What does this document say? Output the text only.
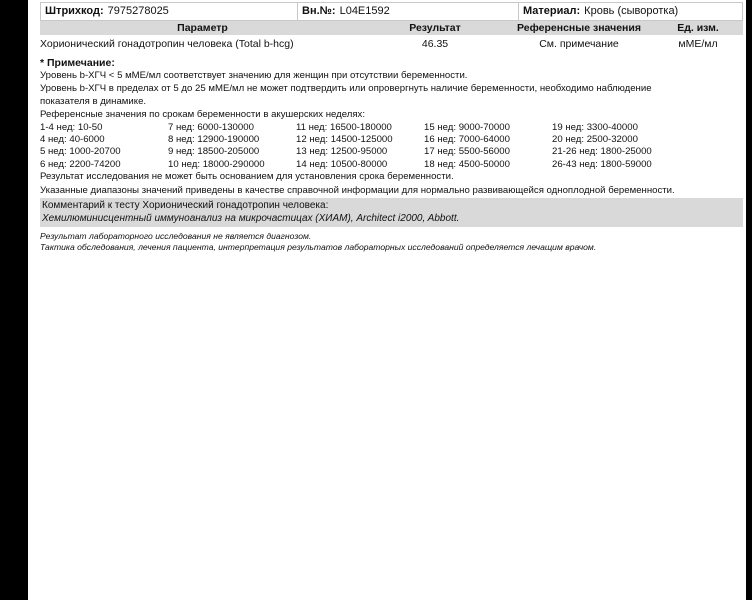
Штрихкод: 7975278025	Вн.№: L04E1592	Материал: Кровь (сыворотка)
Параметр	Результат	Референсные значения	Ед. изм.
Хорионический гонадотропин человека (Total b-hcg)	46.35	См. примечание	мМЕ/мл
* Примечание:
Уровень b-ХГЧ < 5 мМЕ/мл соответствует значению для женщин при отсутствии беременности.
Уровень b-ХГЧ в пределах от 5 до 25 мМЕ/мл не может подтвердить или опровергнуть наличие беременности, необходимо наблюдение
показателя в динамике.
Референсные значения по срокам беременности в акушерских неделях:
1-4 нед: 10-50	7 нед: 6000-130000	11 нед: 16500-180000	15 нед: 9000-70000	19 нед: 3300-40000
4 нед: 40-6000	8 нед: 12900-190000	12 нед: 14500-125000	16 нед: 7000-64000	20 нед: 2500-32000
5 нед: 1000-20700	9 нед: 18500-205000	13 нед: 12500-95000	17 нед: 5500-56000	21-26 нед: 1800-25000
6 нед: 2200-74200	10 нед: 18000-290000	14 нед: 10500-80000	18 нед: 4500-50000	26-43 нед: 1800-59000
Результат исследования не может быть основанием для установления срока беременности.
Указанные диапазоны значений приведены в качестве справочной информации для нормально развивающейся одноплодной беременности.
Комментарий к тесту Хорионический гонадотропин человека:
Хемилюминисцентный иммуноанализ на микрочастицах (ХИАМ), Architect i2000, Abbott.
Результат лабораторного исследования не является диагнозом.
Тактика обследования, лечения пациента, интерпретация результатов лабораторных исследований определяется лечащим врачом.
